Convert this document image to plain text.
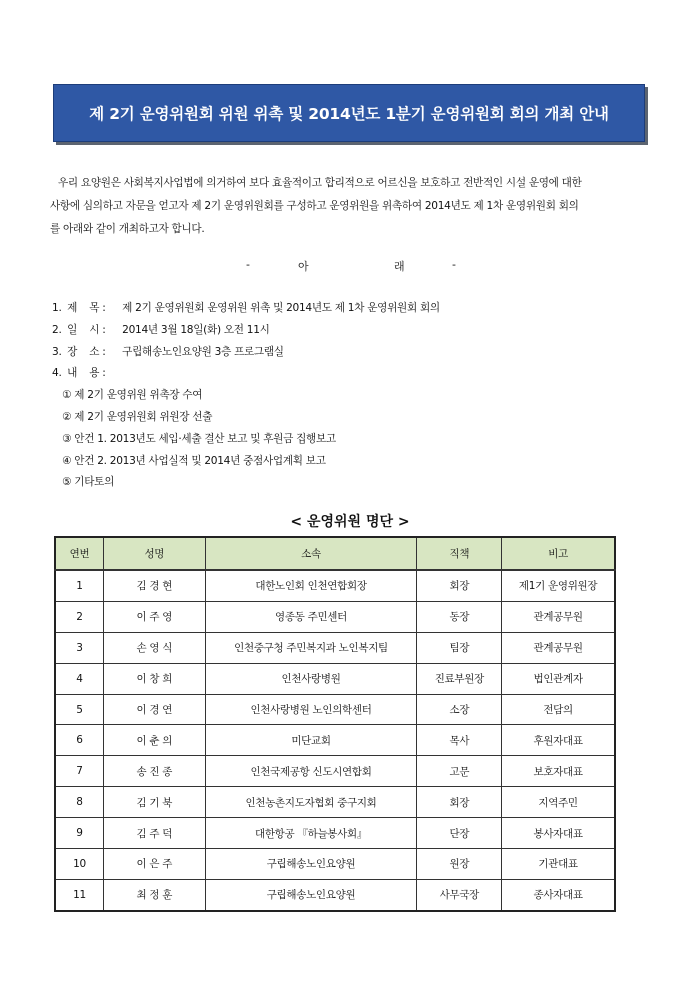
제 2기 운영위원회 위원 위촉 및 2014년도 1분기 운영위원회 회의 개최 안내
우리 요양원은 사회복지사업법에 의거하여 보다 효율적이고 합리적으로 어르신을 보호하고 전반적인 시설 운영에 대한
사항에 심의하고 자문을 얻고자 제 2기 운영위원회를 구성하고 운영위원을 위촉하여 2014년도 제 1차 운영위원회 회의
를 아래와 같이 개최하고자 합니다.
-	아	래	-
1. 제    목 : 제 2기 운영위원회 운영위원 위촉 및 2014년도 제 1차 운영위원회 회의
2. 일    시 : 2014년 3월 18일(화) 오전 11시
3. 장    소 : 구립해송노인요양원 3층 프로그램실
4. 내    용 :
① 제 2기 운영위원 위촉장 수여
② 제 2기 운영위원회 위원장 선출
③ 안건 1. 2013년도 세입·세출 결산 보고 및 후원금 집행보고
④ 안건 2. 2013년 사업실적 및 2014년 중점사업계획 보고
⑤ 기타토의
< 운영위원 명단 >
연번	성명	소속	직책	비고
1	김 경 현	대한노인회 인천연합회장	회장	제1기 운영위원장
2	이 주 영	영종동 주민센터	동장	관계공무원
3	손 영 식	인천중구청 주민복지과 노인복지팀	팀장	관계공무원
4	이 창 희	인천사랑병원	진료부원장	법인관계자
5	이 경 연	인천사랑병원 노인의학센터	소장	전담의
6	이 춘 의	미단교회	목사	후원자대표
7	송 진 종	인천국제공항 신도시연합회	고문	보호자대표
8	김 기 북	인천농촌지도자협회 중구지회	회장	지역주민
9	김 주 덕	대한항공 『하늘봉사회』	단장	봉사자대표
10	이 은 주	구립해송노인요양원	원장	기관대표
11	최 정 훈	구립해송노인요양원	사무국장	종사자대표
